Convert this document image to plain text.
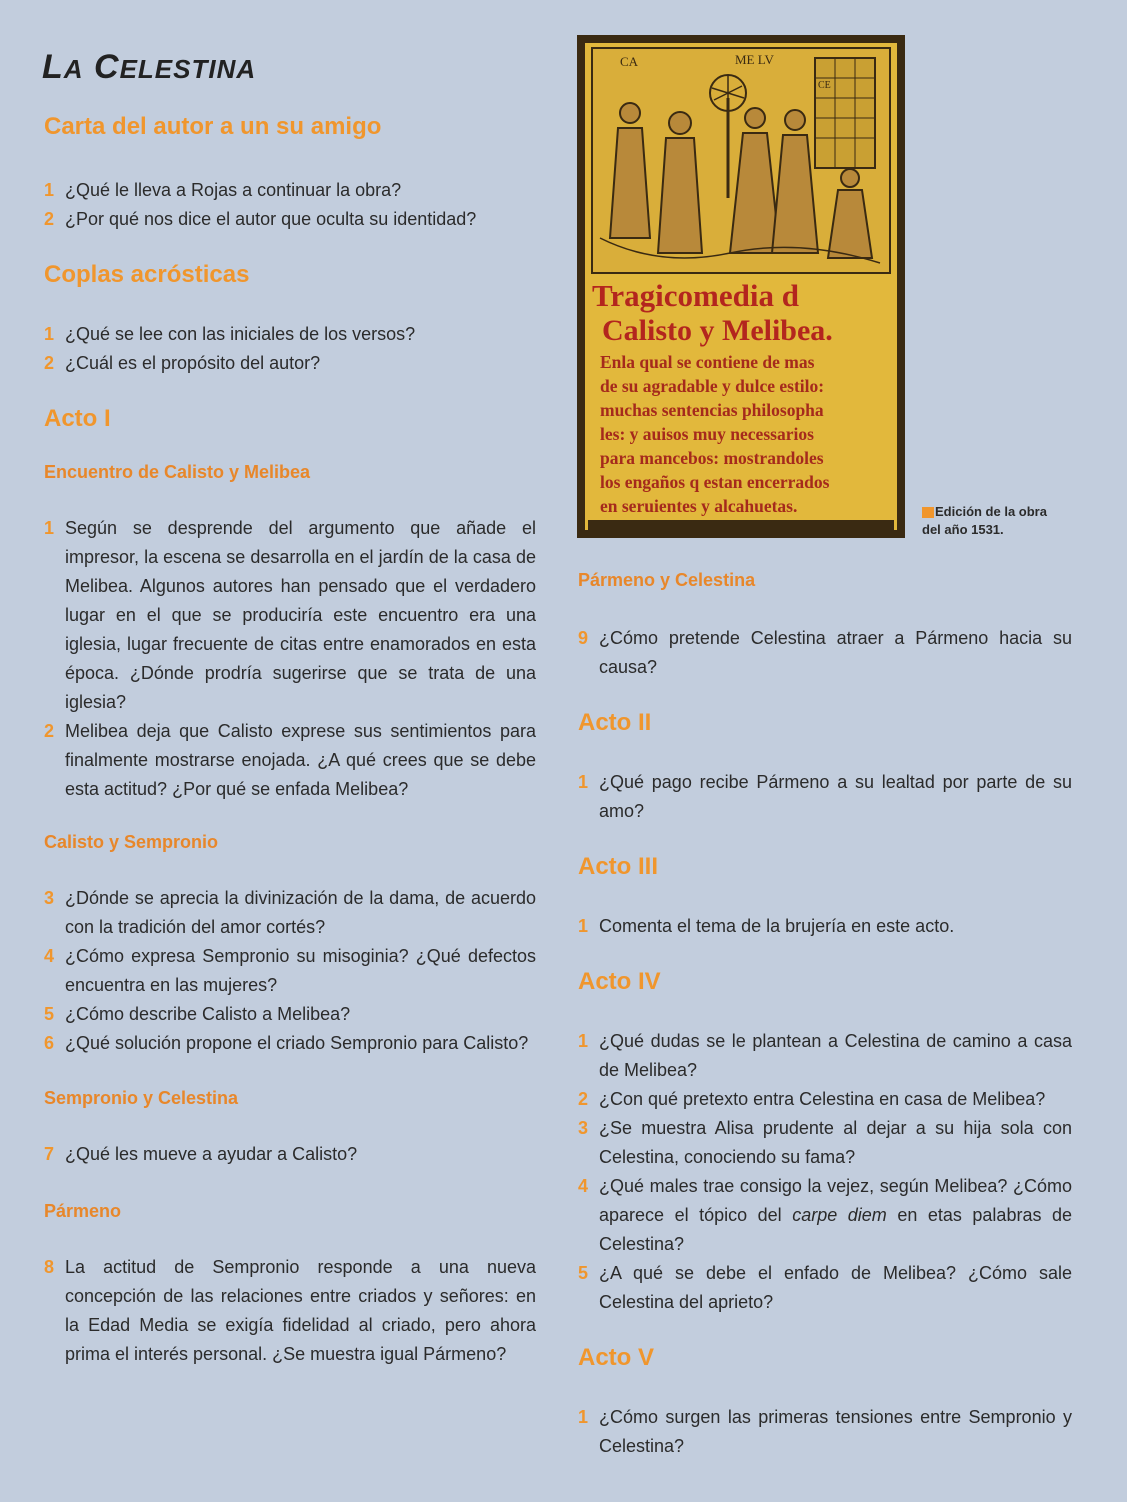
LA CELESTINA	CA	ME LV
CE
Tragicomedia d
Calisto y Melibea.
Enla qual se contiene de mas
de su agradable y dulce estilo:
muchas sentencias philosopha
les: y auisos muy necessarios
para mancebos: mostrandoles
los engaños q estan encerrados
en seruientes y alcahuetas.	Edición de la obra
del año 1531.
Carta del autor a un su amigo
1 ¿Qué le lleva a Rojas a continuar la obra?
2 ¿Por qué nos dice el autor que oculta su identidad?
Coplas acrósticas
1 ¿Qué se lee con las iniciales de los versos?
2 ¿Cuál es el propósito del autor?
Acto I
Encuentro de Calisto y Melibea
1 Según se desprende del argumento que añade el impresor, la escena se desarrolla en el jardín de la casa de Melibea. Algunos autores han pensado que el verdadero lugar en el que se produciría este encuentro era una iglesia, lugar frecuente de citas entre enamorados en esta época. ¿Dónde prodría sugerirse que se trata de una iglesia?
2 Melibea deja que Calisto exprese sus sentimientos para finalmente mostrarse enojada. ¿A qué crees que se debe esta actitud? ¿Por qué se enfada Melibea?
Calisto y Sempronio
3 ¿Dónde se aprecia la divinización de la dama, de acuerdo con la tradición del amor cortés?
4 ¿Cómo expresa Sempronio su misoginia? ¿Qué defectos encuentra en las mujeres?
5 ¿Cómo describe Calisto a Melibea?
6 ¿Qué solución propone el criado Sempronio para Calisto?
Sempronio y Celestina
7 ¿Qué les mueve a ayudar a Calisto?
Pármeno
8 La actitud de Sempronio responde a una nueva concepción de las relaciones entre criados y señores: en la Edad Media se exigía fidelidad al criado, pero ahora prima el interés personal. ¿Se muestra igual Pármeno?
Pármeno y Celestina
9 ¿Cómo pretende Celestina atraer a Pármeno hacia su causa?
Acto II
1 ¿Qué pago recibe Pármeno a su lealtad por parte de su amo?
Acto III
1 Comenta el tema de la brujería en este acto.
Acto IV
1 ¿Qué dudas se le plantean a Celestina de camino a casa de Melibea?
2 ¿Con qué pretexto entra Celestina en casa de Melibea?
3 ¿Se muestra Alisa prudente al dejar a su hija sola con Celestina, conociendo su fama?
4 ¿Qué males trae consigo la vejez, según Melibea? ¿Cómo aparece el tópico del carpe diem en etas palabras de Celestina?
5 ¿A qué se debe el enfado de Melibea? ¿Cómo sale Celestina del aprieto?
Acto V
1 ¿Cómo surgen las primeras tensiones entre Sempronio y Celestina?
